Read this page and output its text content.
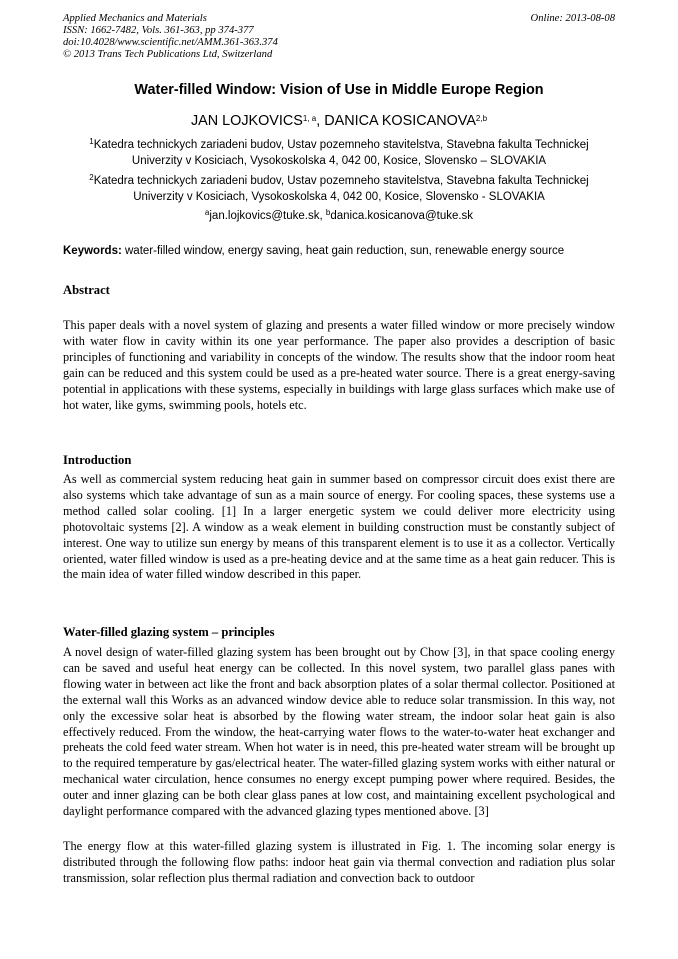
Applied Mechanics and Materials
ISSN: 1662-7482, Vols. 361-363, pp 374-377
doi:10.4028/www.scientific.net/AMM.361-363.374
© 2013 Trans Tech Publications Ltd, Switzerland
Online: 2013-08-08
Water-filled Window: Vision of Use in Middle Europe Region
JAN LOJKOVICS$^{1, a}$, DANICA KOSICANOVA$^{2,b}$
$^1$Katedra technickych zariadeni budov, Ustav pozemneho stavitelstva, Stavebna fakulta Technickej
Univerzity v Kosiciach, Vysokoskolska 4, 042 00, Kosice, Slovensko – SLOVAKIA
$^2$Katedra technickych zariadeni budov, Ustav pozemneho stavitelstva, Stavebna fakulta Technickej
Univerzity v Kosiciach, Vysokoskolska 4, 042 00, Kosice, Slovensko - SLOVAKIA
$^a$jan.lojkovics@tuke.sk, $^b$danica.kosicanova@tuke.sk
Keywords: water-filled window, energy saving, heat gain reduction, sun, renewable energy source
Abstract
This paper deals with a novel system of glazing and presents a water filled window or more precisely window with water flow in cavity within its one year performance. The paper also provides a description of basic principles of functioning and variability in concepts of the window. The results show that the indoor room heat gain can be reduced and this system could be used as a pre-heated water source. There is a great energy-saving potential in applications with these systems, especially in buildings with large glass surfaces which make use of hot water, like gyms, swimming pools, hotels etc.
Introduction
As well as commercial system reducing heat gain in summer based on compressor circuit does exist there are also systems which take advantage of sun as a main source of energy. For cooling spaces, these systems use a method called solar cooling. [1] In a larger energetic system we could deliver more electricity using photovoltaic systems [2]. A window as a weak element in building construction must be constantly subject of interest. One way to utilize sun energy by means of this transparent element is to use it as a collector. Vertically oriented, water filled window is used as a pre-heating device and at the same time as a heat gain reducer. This is the main idea of water filled window described in this paper.
Water-filled glazing system – principles
A novel design of water-filled glazing system has been brought out by Chow [3], in that space cooling energy can be saved and useful heat energy can be collected. In this novel system, two parallel glass panes with flowing water in between act like the front and back absorption plates of a solar thermal collector. Positioned at the external wall this Works as an advanced window device able to reduce solar transmission. In this way, not only the excessive solar heat is absorbed by the flowing water stream, the indoor solar heat gain is also effectively reduced. From the window, the heat-carrying water flows to the water-to-water heat exchanger and preheats the cold feed water stream. When hot water is in need, this pre-heated water stream will be brought up to the required temperature by gas/electrical heater. The water-filled glazing system works with either natural or mechanical water circulation, hence consumes no energy except pumping power where required. Besides, the outer and inner glazing can be both clear glass panes at low cost, and maintaining excellent psychological and daylight performance compared with the advanced glazing types mentioned above. [3]
The energy flow at this water-filled glazing system is illustrated in Fig. 1. The incoming solar energy is distributed through the following flow paths: indoor heat gain via thermal convection and radiation plus solar transmission, solar reflection plus thermal radiation and convection back to outdoor
